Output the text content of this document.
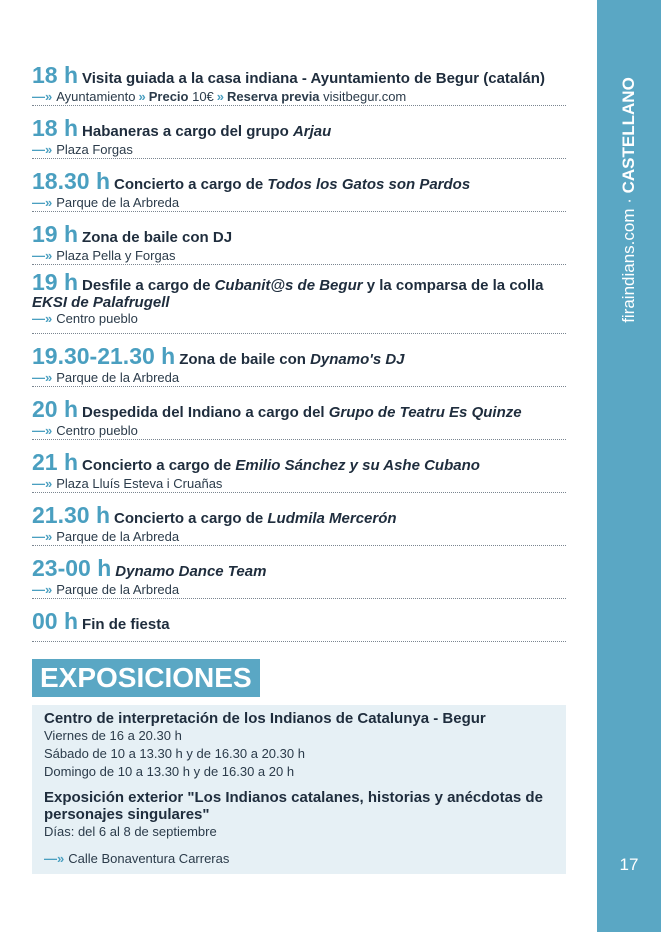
firaindians.com · CASTELLANO
17
18 h Visita guiada a la casa indiana - Ayuntamiento de Begur (catalán)
—» Ayuntamiento » Precio 10€ » Reserva previa visitbegur.com
18 h Habaneras a cargo del grupo Arjau
—» Plaza Forgas
18.30 h Concierto a cargo de Todos los Gatos son Pardos
—» Parque de la Arbreda
19 h Zona de baile con DJ
—» Plaza Pella y Forgas
19 h Desfile a cargo de Cubanit@s de Begur y la comparsa de la colla EKSI de Palafrugell
—» Centro pueblo
19.30-21.30 h Zona de baile con Dynamo's DJ
—» Parque de la Arbreda
20 h Despedida del Indiano a cargo del Grupo de Teatru Es Quinze
—» Centro pueblo
21 h Concierto a cargo de Emilio Sánchez y su Ashe Cubano
—» Plaza Lluís Esteva i Cruañas
21.30 h Concierto a cargo de Ludmila Mercerón
—» Parque de la Arbreda
23-00 h Dynamo Dance Team
—» Parque de la Arbreda
00 h Fin de fiesta
EXPOSICIONES
Centro de interpretación de los Indianos de Catalunya - Begur
Viernes de 16 a 20.30 h
Sábado de 10 a 13.30 h y de 16.30 a 20.30 h
Domingo de 10 a 13.30 h y de 16.30 a 20 h
Exposición exterior "Los Indianos catalanes, historias y anécdotas de personajes singulares"
Días: del 6 al 8 de septiembre
—» Calle Bonaventura Carreras
